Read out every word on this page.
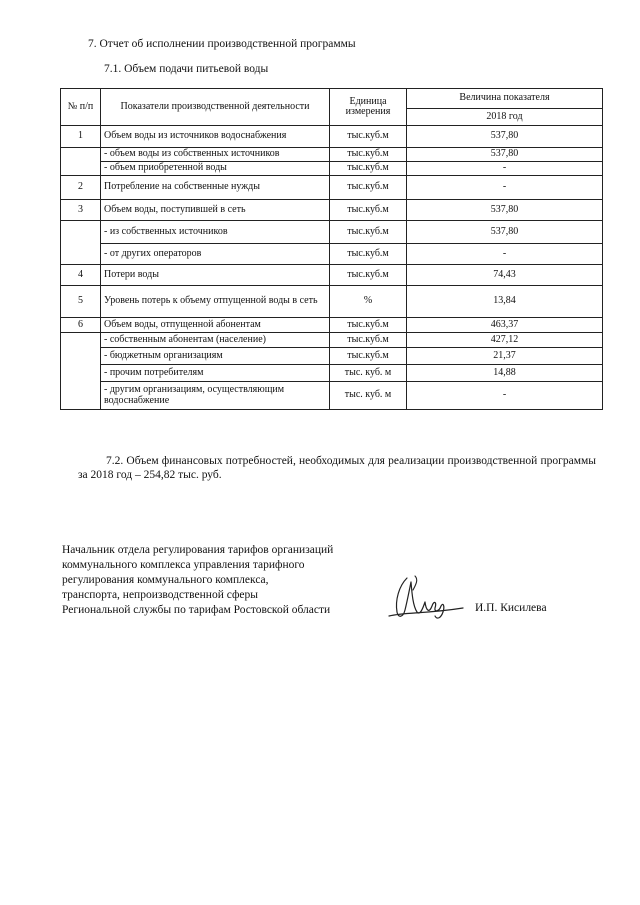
7. Отчет об исполнении производственной программы
7.1. Объем подачи питьевой воды
№ п/п	Показатели производственной деятельности	Единица измерения	Величина показателя
			2018 год
1	Объем воды из источников водоснабжения	тыс.куб.м	537,80
	- объем воды из собственных источников	тыс.куб.м	537,80
	- объем приобретенной воды	тыс.куб.м	-
2	Потребление на собственные нужды	тыс.куб.м	-
3	Объем воды, поступившей в сеть	тыс.куб.м	537,80
	- из собственных источников	тыс.куб.м	537,80
	- от других операторов	тыс.куб.м	-
4	Потери воды	тыс.куб.м	74,43
5	Уровень потерь к объему отпущенной воды в сеть	%	13,84
6	Объем воды, отпущенной абонентам	тыс.куб.м	463,37
	- собственным абонентам (население)	тыс.куб.м	427,12
	- бюджетным организациям	тыс.куб.м	21,37
	- прочим потребителям	тыс. куб. м	14,88
	- другим организациям, осуществляющим водоснабжение	тыс. куб. м	-

7.2. Объем финансовых потребностей, необходимых для реализации производственной программы за 2018 год – 254,82 тыс. руб.

Начальник отдела регулирования тарифов организаций
коммунального комплекса управления тарифного
регулирования коммунального комплекса,
транспорта, непроизводственной сферы
Региональной службы по тарифам Ростовской области	И.П. Кисилева
